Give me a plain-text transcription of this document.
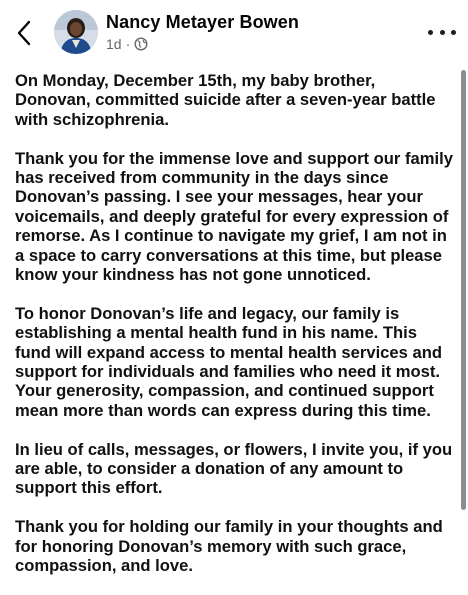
Nancy Metayer Bowen
1d ·

On Monday, December 15th, my baby brother, Donovan, committed suicide after a seven-year battle with schizophrenia.

Thank you for the immense love and support our family has received from community in the days since Donovan’s passing. I see your messages, hear your voicemails, and deeply grateful for every expression of remorse. As I continue to navigate my grief, I am not in a space to carry conversations at this time, but please know your kindness has not gone unnoticed.

To honor Donovan’s life and legacy, our family is establishing a mental health fund in his name. This fund will expand access to mental health services and support for individuals and families who need it most. Your generosity, compassion, and continued support mean more than words can express during this time.

In lieu of calls, messages, or flowers, I invite you, if you are able, to consider a donation of any amount to support this effort.

Thank you for holding our family in your thoughts and for honoring Donovan’s memory with such grace, compassion, and love.
